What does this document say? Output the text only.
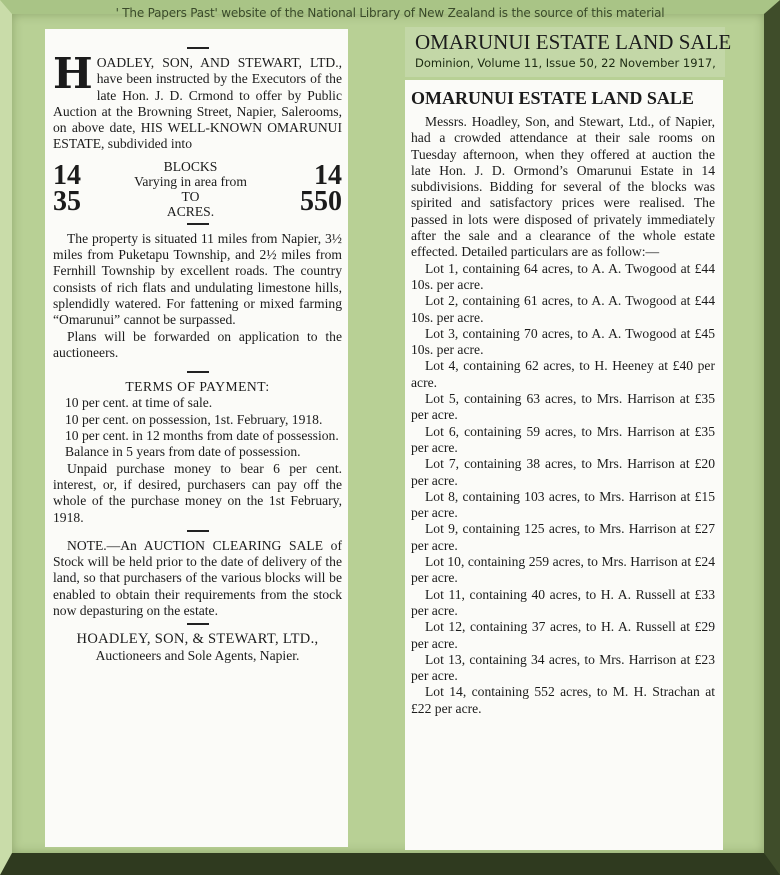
' The Papers Past' website of the National Library of New Zealand is the source of this material

H OADLEY, SON, AND STEWART, LTD., have been instructed by the Executors of the late Hon. J. D. Crmond to offer by Public Auction at the Browning Street, Napier, Salerooms, on above date, HIS WELL-KNOWN OMARUNUI ESTATE, subdivided into

14
35
BLOCKS
Varying in area from
TO
ACRES.
14
550

The property is situated 11 miles from Napier, 3½ miles from Puketapu Township, and 2½ miles from Fernhill Township by excellent roads. The country consists of rich flats and undulating limestone hills, splendidly watered. For fattening or mixed farming “Omarunui” cannot be surpassed.

Plans will be forwarded on application to the auctioneers.

TERMS OF PAYMENT:

10 per cent. at time of sale.

10 per cent. on possession, 1st. February, 1918.

10 per cent. in 12 months from date of possession.

Balance in 5 years from date of possession.

Unpaid purchase money to bear 6 per cent. interest, or, if desired, purchasers can pay off the whole of the purchase money on the 1st February, 1918.

NOTE.—An AUCTION CLEARING SALE of Stock will be held prior to the date of delivery of the land, so that purchasers of the various blocks will be enabled to obtain their requirements from the stock now depasturing on the estate.

HOADLEY, SON, & STEWART, LTD.,

Auctioneers and Sole Agents, Napier.

OMARUNUI ESTATE LAND SALE
Dominion, Volume 11, Issue 50, 22 November 1917,
OMARUNUI ESTATE LAND SALE

Messrs. Hoadley, Son, and Stewart, Ltd., of Napier, had a crowded attendance at their sale rooms on Tuesday afternoon, when they offered at auction the late Hon. J. D. Ormond’s Omarunui Estate in 14 subdivisions. Bidding for several of the blocks was spirited and satisfactory prices were realised. The passed in lots were disposed of privately immediately after the sale and a clearance of the whole estate effected. Detailed particulars are as follow:—

Lot 1, containing 64 acres, to A. A. Twogood at £44 10s. per acre.

Lot 2, containing 61 acres, to A. A. Twogood at £44 10s. per acre.

Lot 3, containing 70 acres, to A. A. Twogood at £45 10s. per acre.

Lot 4, containing 62 acres, to H. Heeney at £40 per acre.

Lot 5, containing 63 acres, to Mrs. Harrison at £35 per acre.

Lot 6, containing 59 acres, to Mrs. Harrison at £35 per acre.

Lot 7, containing 38 acres, to Mrs. Harrison at £20 per acre.

Lot 8, containing 103 acres, to Mrs. Harrison at £15 per acre.

Lot 9, containing 125 acres, to Mrs. Harrison at £27 per acre.

Lot 10, containing 259 acres, to Mrs. Harrison at £24 per acre.

Lot 11, containing 40 acres, to H. A. Russell at £33 per acre.

Lot 12, containing 37 acres, to H. A. Russell at £29 per acre.

Lot 13, containing 34 acres, to Mrs. Harrison at £23 per acre.

Lot 14, containing 552 acres, to M. H. Strachan at £22 per acre.
